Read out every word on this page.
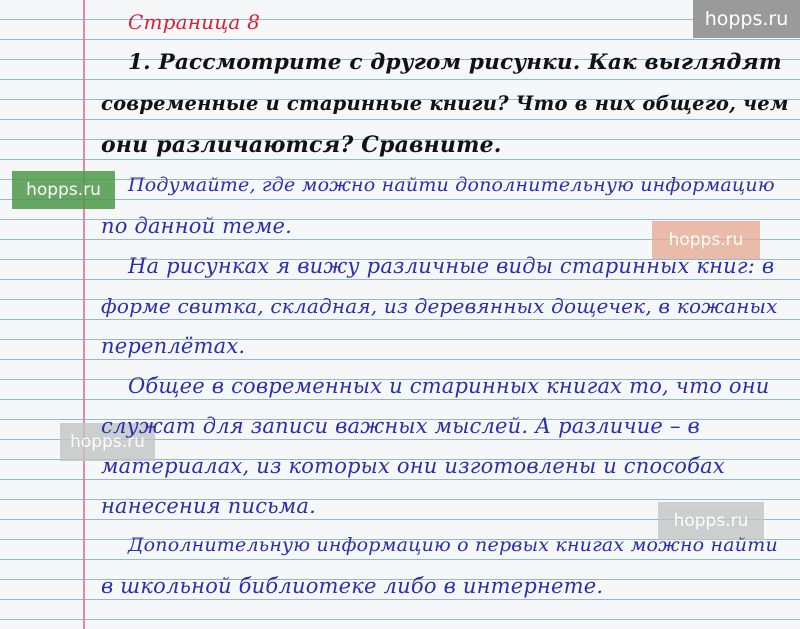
hopps.ru
hopps.ru
hopps.ru
hopps.ru
hopps.ru
Страница 8
1. Рассмотрите с другом рисунки. Как выглядят
современные и старинные книги? Что в них общего, чем
они различаются? Сравните.
Подумайте, где можно найти дополнительную информацию
по данной теме.
На рисунках я вижу различные виды старинных книг: в
форме свитка, складная, из деревянных дощечек, в кожаных
переплётах.
Общее в современных и старинных книгах то, что они
служат для записи важных мыслей. А различие – в
материалах, из которых они изготовлены и способах
нанесения письма.
Дополнительную информацию о первых книгах можно найти
в школьной библиотеке либо в интернете.
